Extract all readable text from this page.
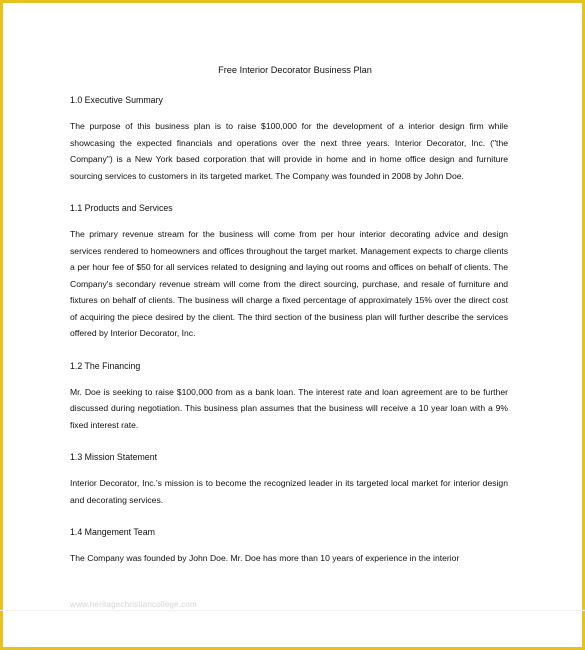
Free Interior Decorator Business Plan
1.0 Executive Summary
The purpose of this business plan is to raise $100,000 for the development of a interior design firm while showcasing the expected financials and operations over the next three years. Interior Decorator, Inc. ("the Company") is a New York based corporation that will provide in home and in home office design and furniture sourcing services to customers in its targeted market. The Company was founded in 2008 by John Doe.
1.1 Products and Services
The primary revenue stream for the business will come from per hour interior decorating advice and design services rendered to homeowners and offices throughout the target market. Management expects to charge clients a per hour fee of $50 for all services related to designing and laying out rooms and offices on behalf of clients. The Company's secondary revenue stream will come from the direct sourcing, purchase, and resale of furniture and fixtures on behalf of clients. The business will charge a fixed percentage of approximately 15% over the direct cost of acquiring the piece desired by the client. The third section of the business plan will further describe the services offered by Interior Decorator, Inc.
1.2 The Financing
Mr. Doe is seeking to raise $100,000 from as a bank loan. The interest rate and loan agreement are to be further discussed during negotiation. This business plan assumes that the business will receive a 10 year loan with a 9% fixed interest rate.
1.3 Mission Statement
Interior Decorator, Inc.'s mission is to become the recognized leader in its targeted local market for interior design and decorating services.
1.4 Mangement Team
The Company was founded by John Doe. Mr. Doe has more than 10 years of experience in the interior
www.heritagechristiancollege.com
